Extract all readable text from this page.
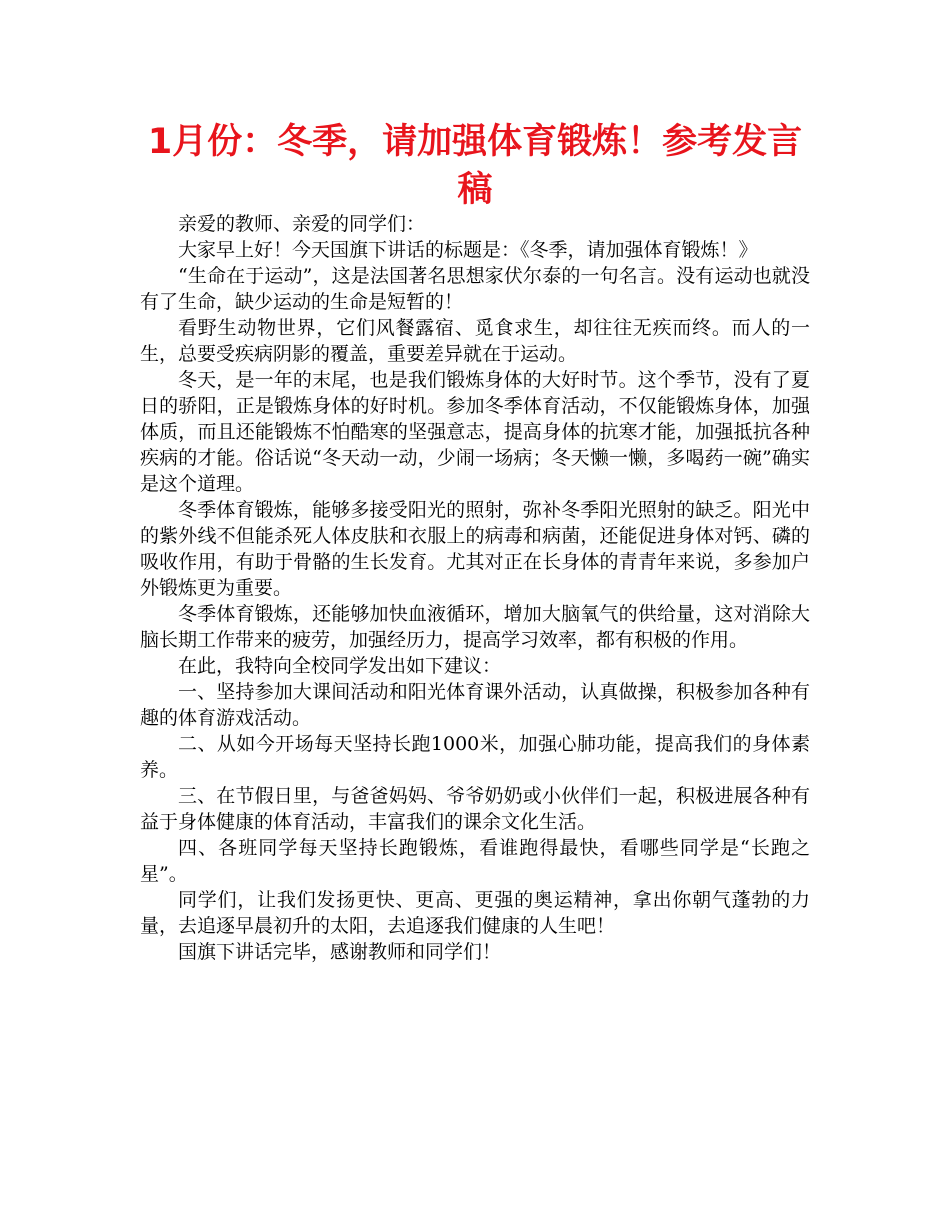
1月份：冬季，请加强体育锻炼！参考发言稿

亲爱的教师、亲爱的同学们：

大家早上好！今天国旗下讲话的标题是：《冬季，请加强体育锻炼！》

“生命在于运动”，这是法国著名思想家伏尔泰的一句名言。没有运动也就没有了生命，缺少运动的生命是短暂的！

看野生动物世界，它们风餐露宿、觅食求生，却往往无疾而终。而人的一生，总要受疾病阴影的覆盖，重要差异就在于运动。

冬天，是一年的末尾，也是我们锻炼身体的大好时节。这个季节，没有了夏日的骄阳，正是锻炼身体的好时机。参加冬季体育活动，不仅能锻炼身体，加强体质，而且还能锻炼不怕酷寒的坚强意志，提高身体的抗寒才能，加强抵抗各种疾病的才能。俗话说“冬天动一动，少闹一场病；冬天懒一懒，多喝药一碗”确实是这个道理。

冬季体育锻炼，能够多接受阳光的照射，弥补冬季阳光照射的缺乏。阳光中的紫外线不但能杀死人体皮肤和衣服上的病毒和病菌，还能促进身体对钙、磷的吸收作用，有助于骨骼的生长发育。尤其对正在长身体的青青年来说，多参加户外锻炼更为重要。

冬季体育锻炼，还能够加快血液循环，增加大脑氧气的供给量，这对消除大脑长期工作带来的疲劳，加强经历力，提高学习效率，都有积极的作用。

在此，我特向全校同学发出如下建议：

一、坚持参加大课间活动和阳光体育课外活动，认真做操，积极参加各种有趣的体育游戏活动。

二、从如今开场每天坚持长跑1000米，加强心肺功能，提高我们的身体素养。

三、在节假日里，与爸爸妈妈、爷爷奶奶或小伙伴们一起，积极进展各种有益于身体健康的体育活动，丰富我们的课余文化生活。

四、各班同学每天坚持长跑锻炼，看谁跑得最快，看哪些同学是“长跑之星”。

同学们，让我们发扬更快、更高、更强的奥运精神，拿出你朝气蓬勃的力量，去追逐早晨初升的太阳，去追逐我们健康的人生吧！

国旗下讲话完毕，感谢教师和同学们！
